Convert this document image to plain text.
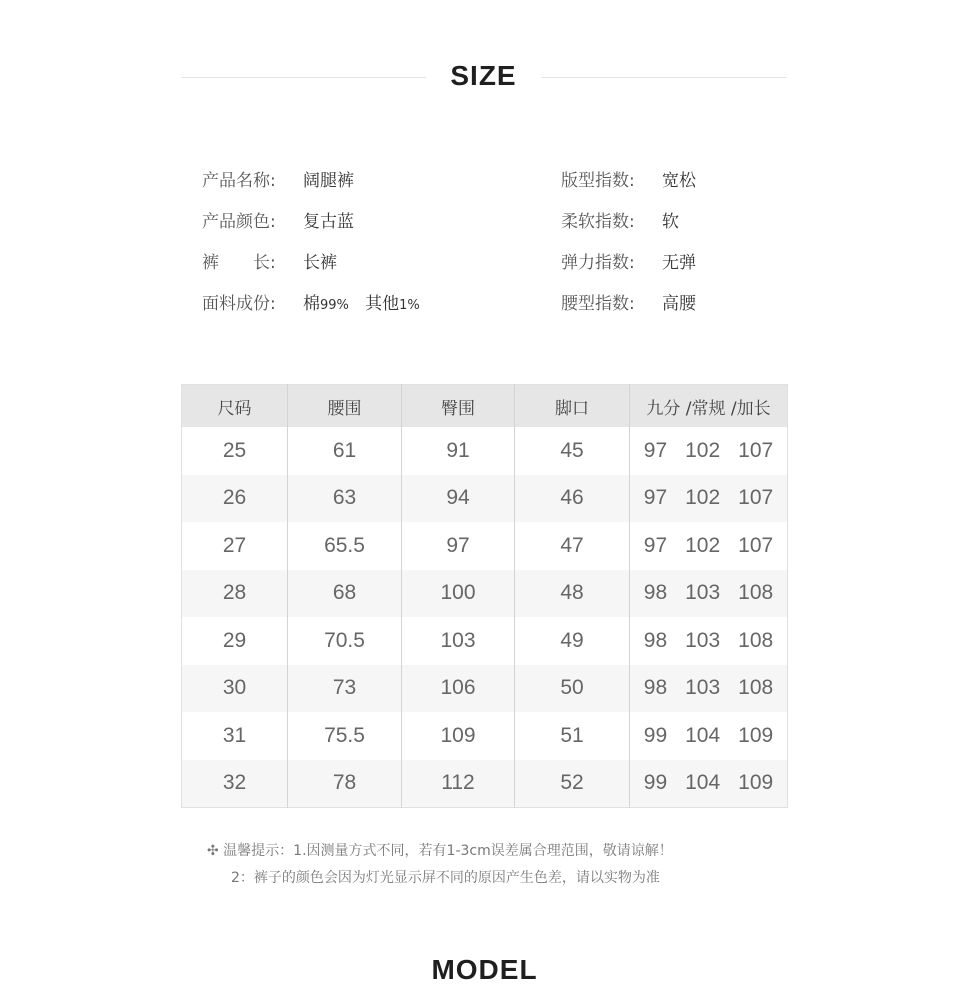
SIZE
产品名称: 阔腿裤
产品颜色: 复古蓝
裤 长: 长裤
面料成份: 棉99% 其他1%
版型指数: 宽松
柔软指数: 软
弹力指数: 无弹
腰型指数: 高腰
尺码	腰围	臀围	脚口	九分 /常规 /加长
25	61	91	45	97 102 107

26	63	94	46	97 102 107

27	65.5	97	47	97 102 107

28	68	100	48	98 103 108

29	70.5	103	49	98 103 108

30	73	106	50	98 103 108

31	75.5	109	51	99 104 109

32	78	112	52	99 104 109
✣ 温馨提示：1.因测量方式不同，若有1-3cm误差属合理范围，敬请谅解！
2：裤子的颜色会因为灯光显示屏不同的原因产生色差，请以实物为准
MODEL
